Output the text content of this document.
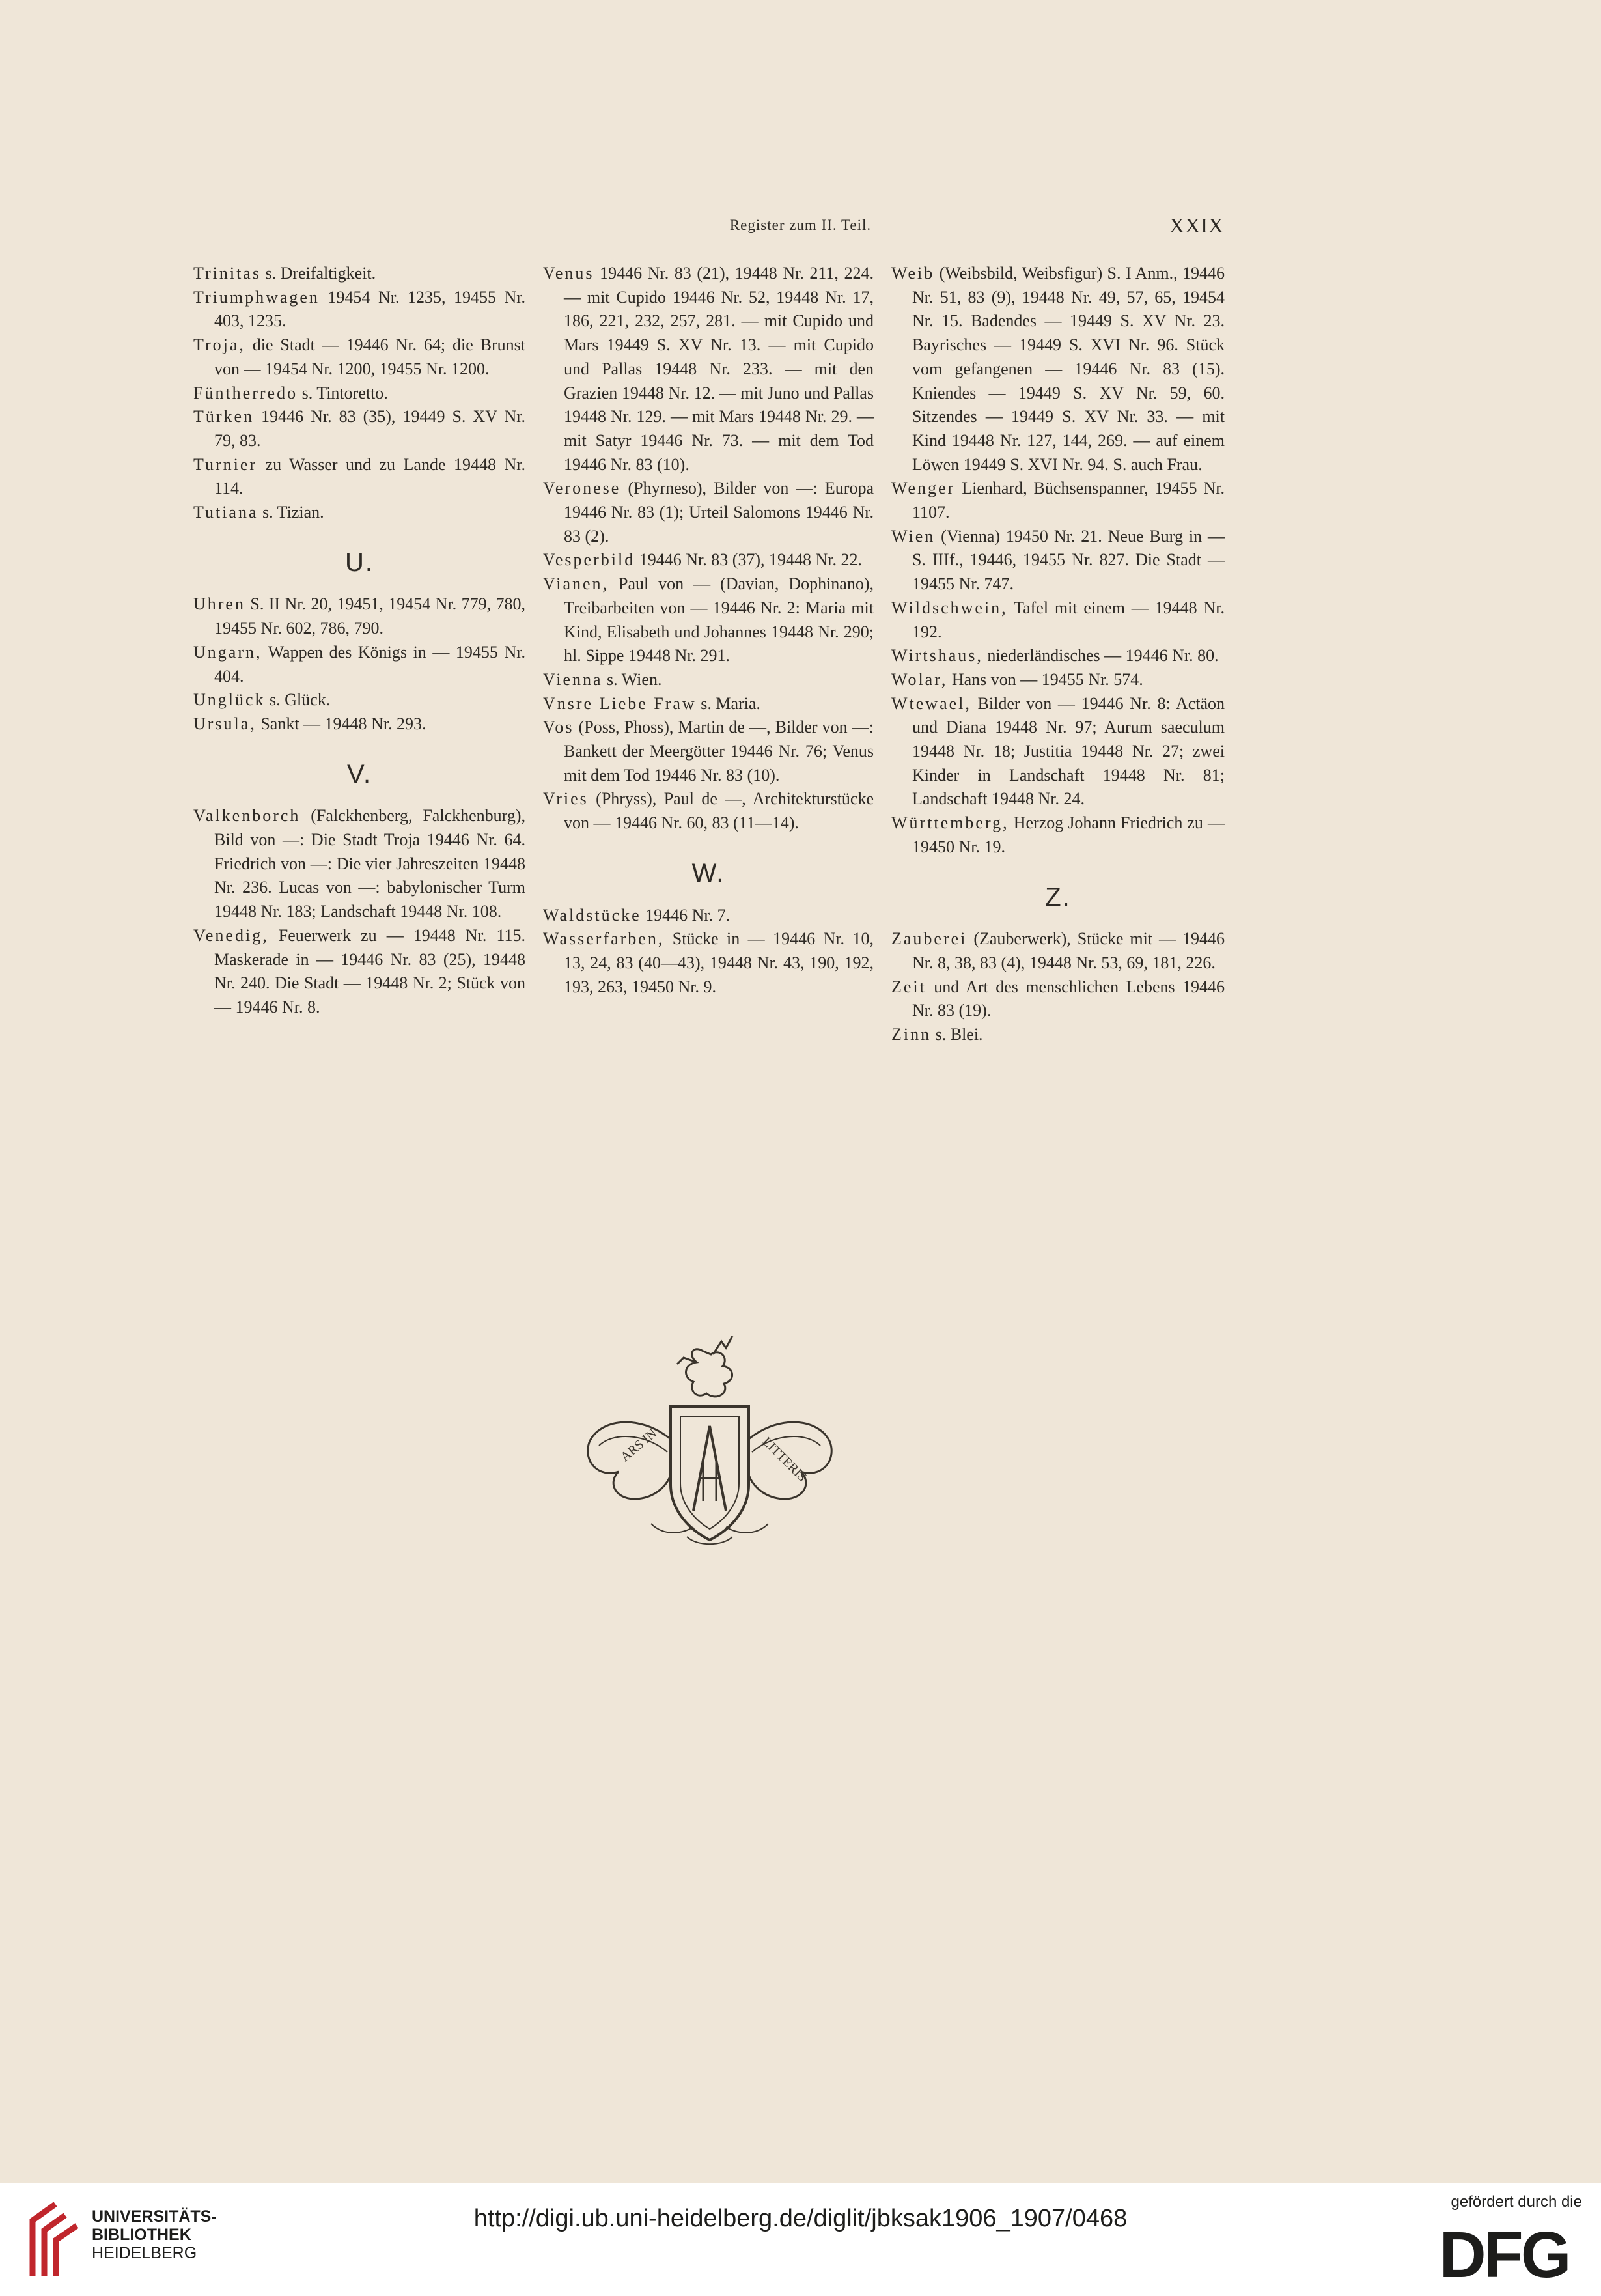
Register zum II. Teil.	XXIX

Trinitas s. Dreifaltigkeit.

Triumphwagen 19454 Nr. 1235, 19455 Nr. 403, 1235.

Troja, die Stadt — 19446 Nr. 64; die Brunst von — 19454 Nr. 1200, 19455 Nr. 1200.

Füntherredo s. Tintoretto.

Türken 19446 Nr. 83 (35), 19449 S. XV Nr. 79, 83.

Turnier zu Wasser und zu Lande 19448 Nr. 114.

Tutiana s. Tizian.

U.

Uhren S. II Nr. 20, 19451, 19454 Nr. 779, 780, 19455 Nr. 602, 786, 790.

Ungarn, Wappen des Königs in — 19455 Nr. 404.

Unglück s. Glück.

Ursula, Sankt — 19448 Nr. 293.

V.

Valkenborch (Falckhenberg, Falckhenburg), Bild von —: Die Stadt Troja 19446 Nr. 64. Friedrich von —: Die vier Jahreszeiten 19448 Nr. 236. Lucas von —: babylonischer Turm 19448 Nr. 183; Landschaft 19448 Nr. 108.

Venedig, Feuerwerk zu — 19448 Nr. 115. Maskerade in — 19446 Nr. 83 (25), 19448 Nr. 240. Die Stadt — 19448 Nr. 2; Stück von — 19446 Nr. 8.

Venus 19446 Nr. 83 (21), 19448 Nr. 211, 224. — mit Cupido 19446 Nr. 52, 19448 Nr. 17, 186, 221, 232, 257, 281. — mit Cupido und Mars 19449 S. XV Nr. 13. — mit Cupido und Pallas 19448 Nr. 233. — mit den Grazien 19448 Nr. 12. — mit Juno und Pallas 19448 Nr. 129. — mit Mars 19448 Nr. 29. — mit Satyr 19446 Nr. 73. — mit dem Tod 19446 Nr. 83 (10).

Veronese (Phyrneso), Bilder von —: Europa 19446 Nr. 83 (1); Urteil Salomons 19446 Nr. 83 (2).

Vesperbild 19446 Nr. 83 (37), 19448 Nr. 22.

Vianen, Paul von — (Davian, Dophinano), Treibarbeiten von — 19446 Nr. 2: Maria mit Kind, Elisabeth und Johannes 19448 Nr. 290; hl. Sippe 19448 Nr. 291.

Vienna s. Wien.

Vnsre Liebe Fraw s. Maria.

Vos (Poss, Phoss), Martin de —, Bilder von —: Bankett der Meergötter 19446 Nr. 76; Venus mit dem Tod 19446 Nr. 83 (10).

Vries (Phryss), Paul de —, Architekturstücke von — 19446 Nr. 60, 83 (11—14).

W.

Waldstücke 19446 Nr. 7.

Wasserfarben, Stücke in — 19446 Nr. 10, 13, 24, 83 (40—43), 19448 Nr. 43, 190, 192, 193, 263, 19450 Nr. 9.

Weib (Weibsbild, Weibsfigur) S. I Anm., 19446 Nr. 51, 83 (9), 19448 Nr. 49, 57, 65, 19454 Nr. 15. Badendes — 19449 S. XV Nr. 23. Bayrisches — 19449 S. XVI Nr. 96. Stück vom gefangenen — 19446 Nr. 83 (15). Kniendes — 19449 S. XV Nr. 59, 60. Sitzendes — 19449 S. XV Nr. 33. — mit Kind 19448 Nr. 127, 144, 269. — auf einem Löwen 19449 S. XVI Nr. 94. S. auch Frau.

Wenger Lienhard, Büchsenspanner, 19455 Nr. 1107.

Wien (Vienna) 19450 Nr. 21. Neue Burg in — S. IIIf., 19446, 19455 Nr. 827. Die Stadt — 19455 Nr. 747.

Wildschwein, Tafel mit einem — 19448 Nr. 192.

Wirtshaus, niederländisches — 19446 Nr. 80.

Wolar, Hans von — 19455 Nr. 574.

Wtewael, Bilder von — 19446 Nr. 8: Actäon und Diana 19448 Nr. 97; Aurum saeculum 19448 Nr. 18; Justitia 19448 Nr. 27; zwei Kinder in Landschaft 19448 Nr. 81; Landschaft 19448 Nr. 24.

Württemberg, Herzog Johann Friedrich zu — 19450 Nr. 19.

Z.

Zauberei (Zauberwerk), Stücke mit — 19446 Nr. 8, 38, 83 (4), 19448 Nr. 53, 69, 181, 226.

Zeit und Art des menschlichen Lebens 19446 Nr. 83 (19).

Zinn s. Blei.

ARS IN	LITTERIS
UNIVERSITÄTS-
BIBLIOTHEK
HEIDELBERG
http://digi.ub.uni-heidelberg.de/diglit/jbksak1906_1907/0468
gefördert durch die
DFG
